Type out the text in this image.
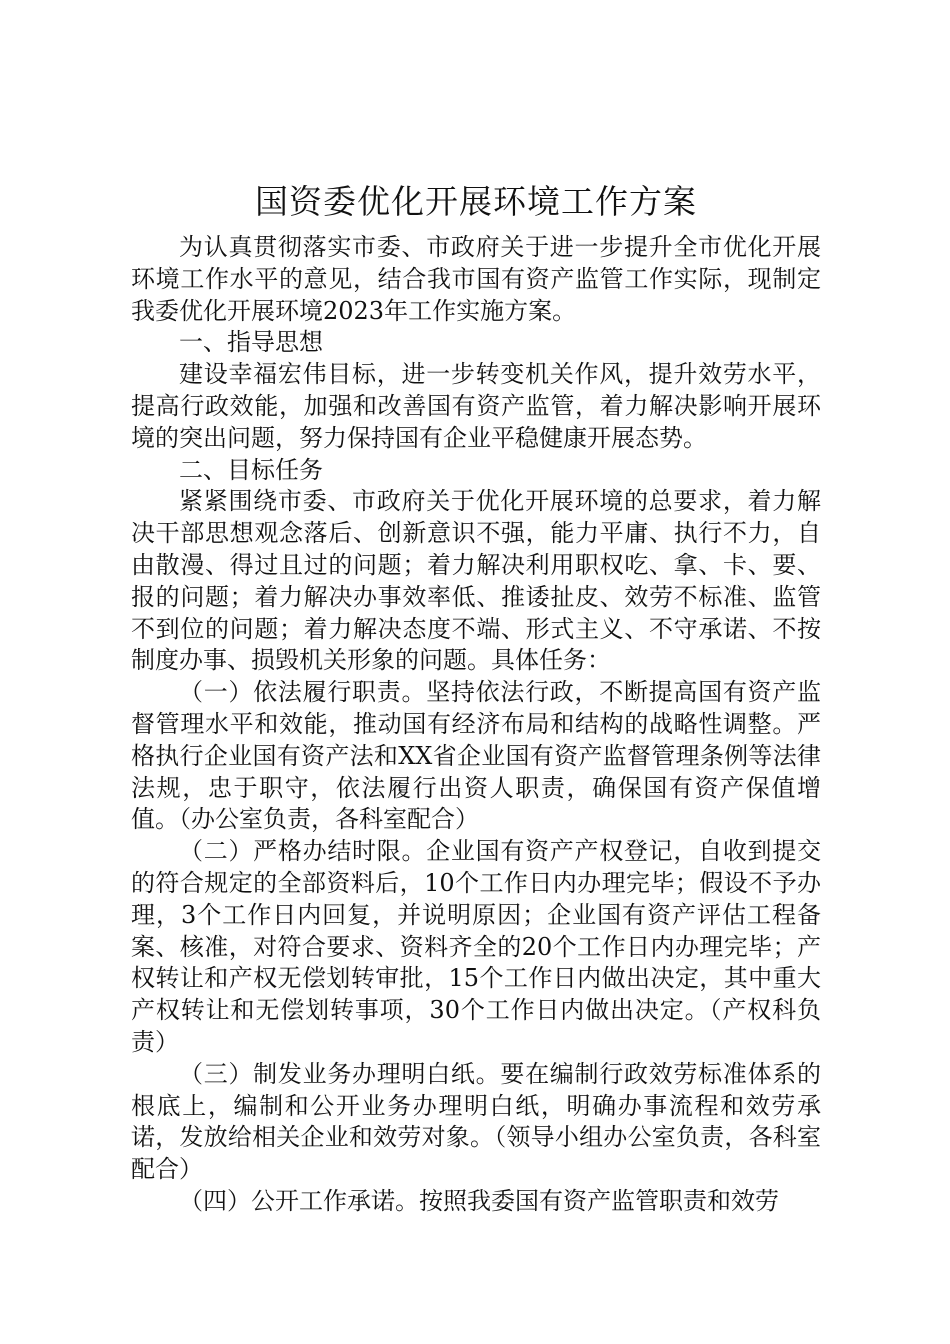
国资委优化开展环境工作方案

为认真贯彻落实市委、市政府关于进一步提升全市优化开展环境工作水平的意见，结合我市国有资产监管工作实际，现制定我委优化开展环境2023年工作实施方案。

一、指导思想

建设幸福宏伟目标，进一步转变机关作风，提升效劳水平，提高行政效能，加强和改善国有资产监管，着力解决影响开展环境的突出问题，努力保持国有企业平稳健康开展态势。

二、目标任务

紧紧围绕市委、市政府关于优化开展环境的总要求，着力解决干部思想观念落后、创新意识不强，能力平庸、执行不力，自由散漫、得过且过的问题；着力解决利用职权吃、拿、卡、要、报的问题；着力解决办事效率低、推诿扯皮、效劳不标准、监管不到位的问题；着力解决态度不端、形式主义、不守承诺、不按制度办事、损毁机关形象的问题。具体任务：

（一）依法履行职责。坚持依法行政，不断提高国有资产监督管理水平和效能，推动国有经济布局和结构的战略性调整。严格执行企业国有资产法和XX省企业国有资产监督管理条例等法律法规，忠于职守，依法履行出资人职责，确保国有资产保值增值。（办公室负责，各科室配合）

（二）严格办结时限。企业国有资产产权登记，自收到提交的符合规定的全部资料后，10个工作日内办理完毕；假设不予办理，3个工作日内回复，并说明原因；企业国有资产评估工程备案、核准，对符合要求、资料齐全的20个工作日内办理完毕；产权转让和产权无偿划转审批，15个工作日内做出决定，其中重大产权转让和无偿划转事项，30个工作日内做出决定。（产权科负责）

（三）制发业务办理明白纸。要在编制行政效劳标准体系的根底上，编制和公开业务办理明白纸，明确办事流程和效劳承诺，发放给相关企业和效劳对象。（领导小组办公室负责，各科室配合）

（四）公开工作承诺。按照我委国有资产监管职责和效劳
